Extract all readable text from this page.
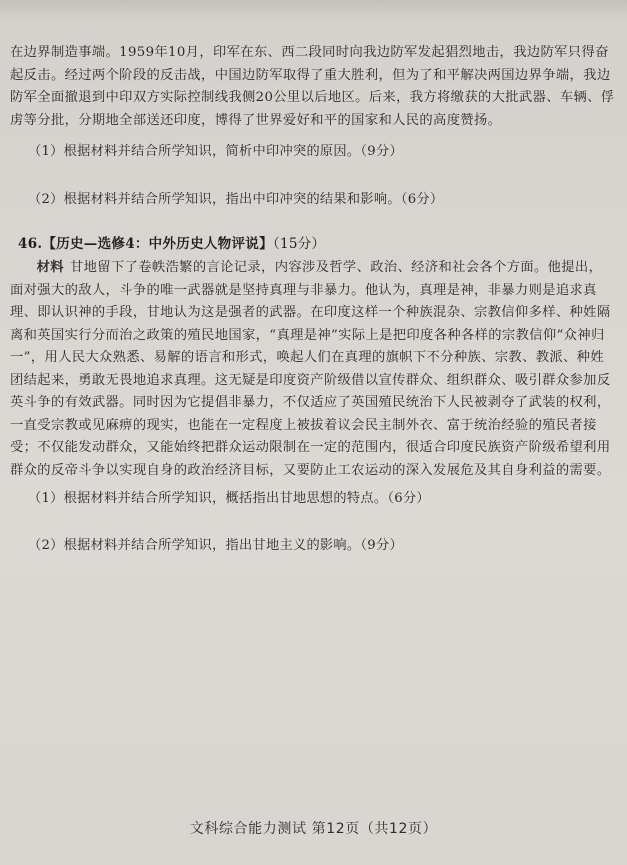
在边界制造事端。1959年10月，印军在东、西二段同时向我边防军发起猖烈地击，我边防军只得奋起反击。经过两个阶段的反击战，中国边防军取得了重大胜利，但为了和平解决两国边界争端，我边防军全面撤退到中印双方实际控制线我侧20公里以后地区。后来，我方将缴获的大批武器、车辆、俘虏等分批，分期地全部送还印度，博得了世界爱好和平的国家和人民的高度赞扬。

（1）根据材料并结合所学知识，简析中印冲突的原因。（9分）

（2）根据材料并结合所学知识，指出中印冲突的结果和影响。（6分）

46.【历史—选修4：中外历史人物评说】（15分）

材料 甘地留下了卷帙浩繁的言论记录，内容涉及哲学、政治、经济和社会各个方面。他提出，面对强大的敌人，斗争的唯一武器就是坚持真理与非暴力。他认为，真理是神，非暴力则是追求真理、即认识神的手段，甘地认为这是强者的武器。在印度这样一个种族混杂、宗教信仰多样、种姓隔离和英国实行分而治之政策的殖民地国家，“真理是神”实际上是把印度各种各样的宗教信仰“众神归一”，用人民大众熟悉、易解的语言和形式，唤起人们在真理的旗帜下不分种族、宗教、教派、种姓团结起来，勇敢无畏地追求真理。这无疑是印度资产阶级借以宣传群众、组织群众、吸引群众参加反英斗争的有效武器。同时因为它提倡非暴力，不仅适应了英国殖民统治下人民被剥夺了武装的权利，一直受宗教或见麻痹的现实，也能在一定程度上被拔着议会民主制外衣、富于统治经验的殖民者接受；不仅能发动群众，又能始终把群众运动限制在一定的范围内，很适合印度民族资产阶级希望利用群众的反帝斗争以实现自身的政治经济目标，又要防止工农运动的深入发展危及其自身利益的需要。

（1）根据材料并结合所学知识，概括指出甘地思想的特点。（6分）

（2）根据材料并结合所学知识，指出甘地主义的影响。（9分）

文科综合能力测试 第12页（共12页）
